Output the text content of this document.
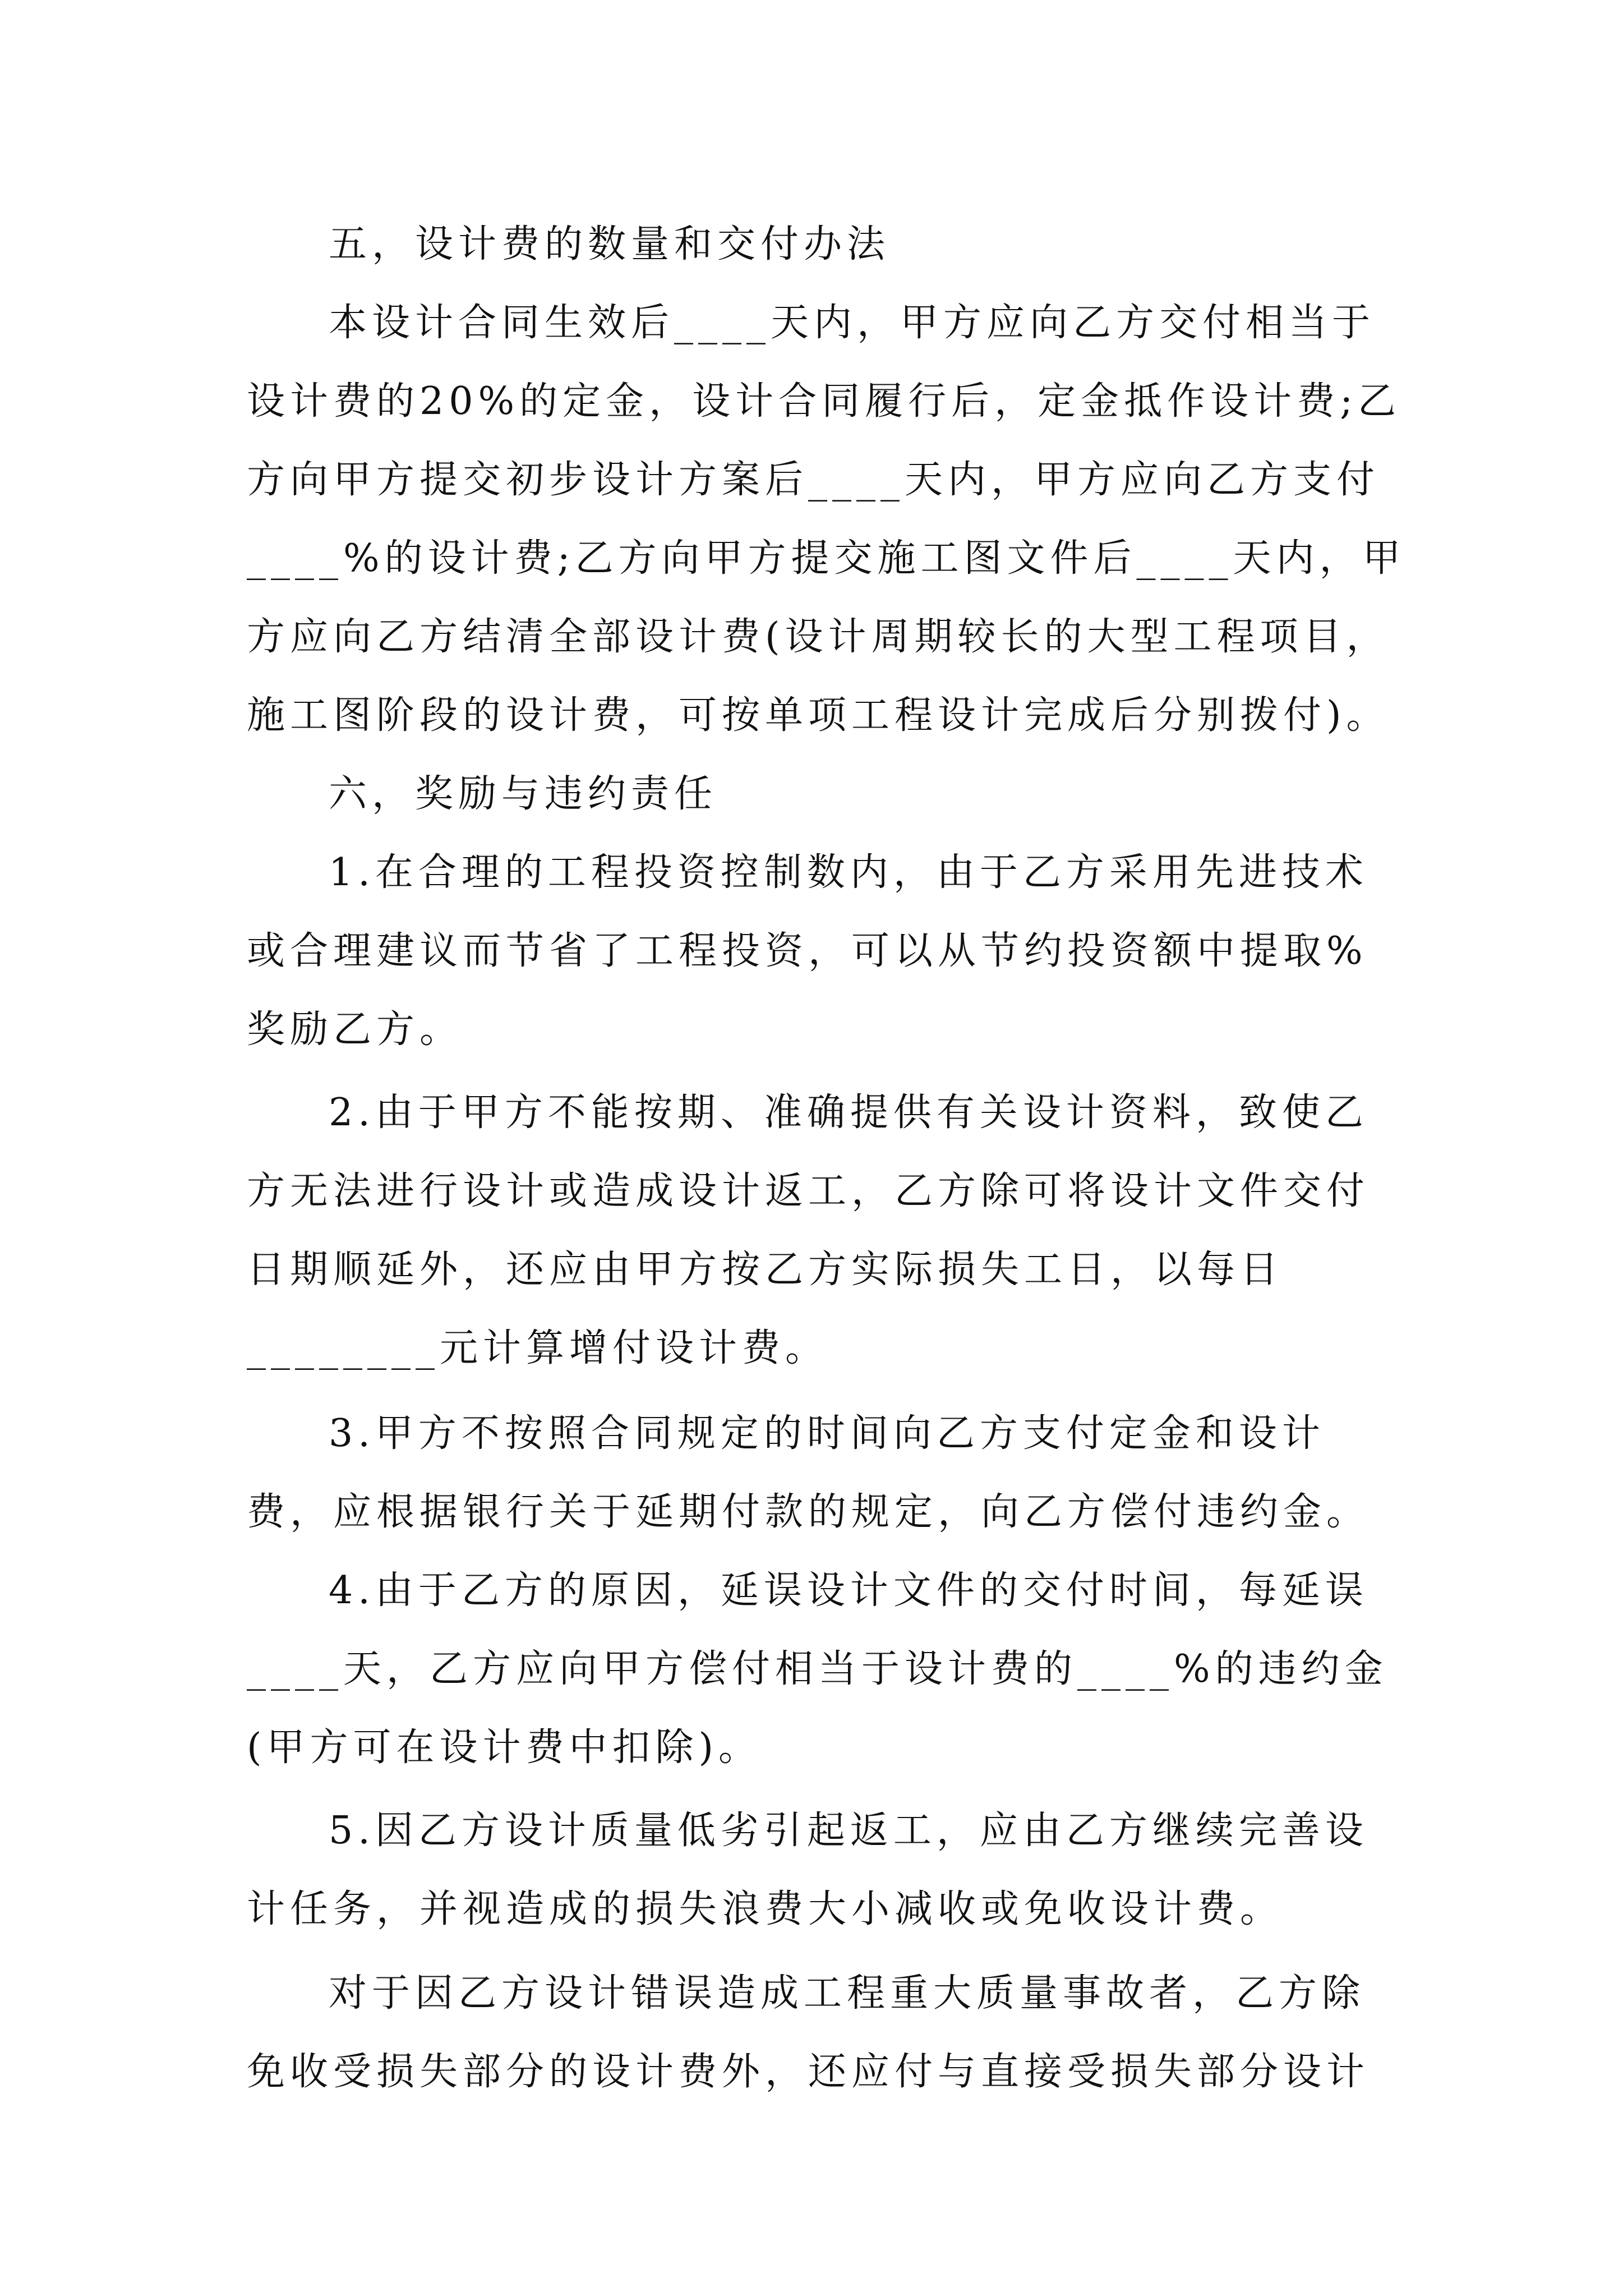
五，设计费的数量和交付办法
本设计合同生效后____天内，甲方应向乙方交付相当于
设计费的20%的定金，设计合同履行后，定金抵作设计费;乙
方向甲方提交初步设计方案后____天内，甲方应向乙方支付
____%的设计费;乙方向甲方提交施工图文件后____天内，甲
方应向乙方结清全部设计费(设计周期较长的大型工程项目，
施工图阶段的设计费，可按单项工程设计完成后分别拨付)。
六，奖励与违约责任
1.在合理的工程投资控制数内，由于乙方采用先进技术
或合理建议而节省了工程投资，可以从节约投资额中提取%
奖励乙方。
2.由于甲方不能按期、准确提供有关设计资料，致使乙
方无法进行设计或造成设计返工，乙方除可将设计文件交付
日期顺延外，还应由甲方按乙方实际损失工日，以每日
________元计算增付设计费。
3.甲方不按照合同规定的时间向乙方支付定金和设计
费，应根据银行关于延期付款的规定，向乙方偿付违约金。
4.由于乙方的原因，延误设计文件的交付时间，每延误
____天，乙方应向甲方偿付相当于设计费的____%的违约金
(甲方可在设计费中扣除)。
5.因乙方设计质量低劣引起返工，应由乙方继续完善设
计任务，并视造成的损失浪费大小减收或免收设计费。
对于因乙方设计错误造成工程重大质量事故者，乙方除
免收受损失部分的设计费外，还应付与直接受损失部分设计
